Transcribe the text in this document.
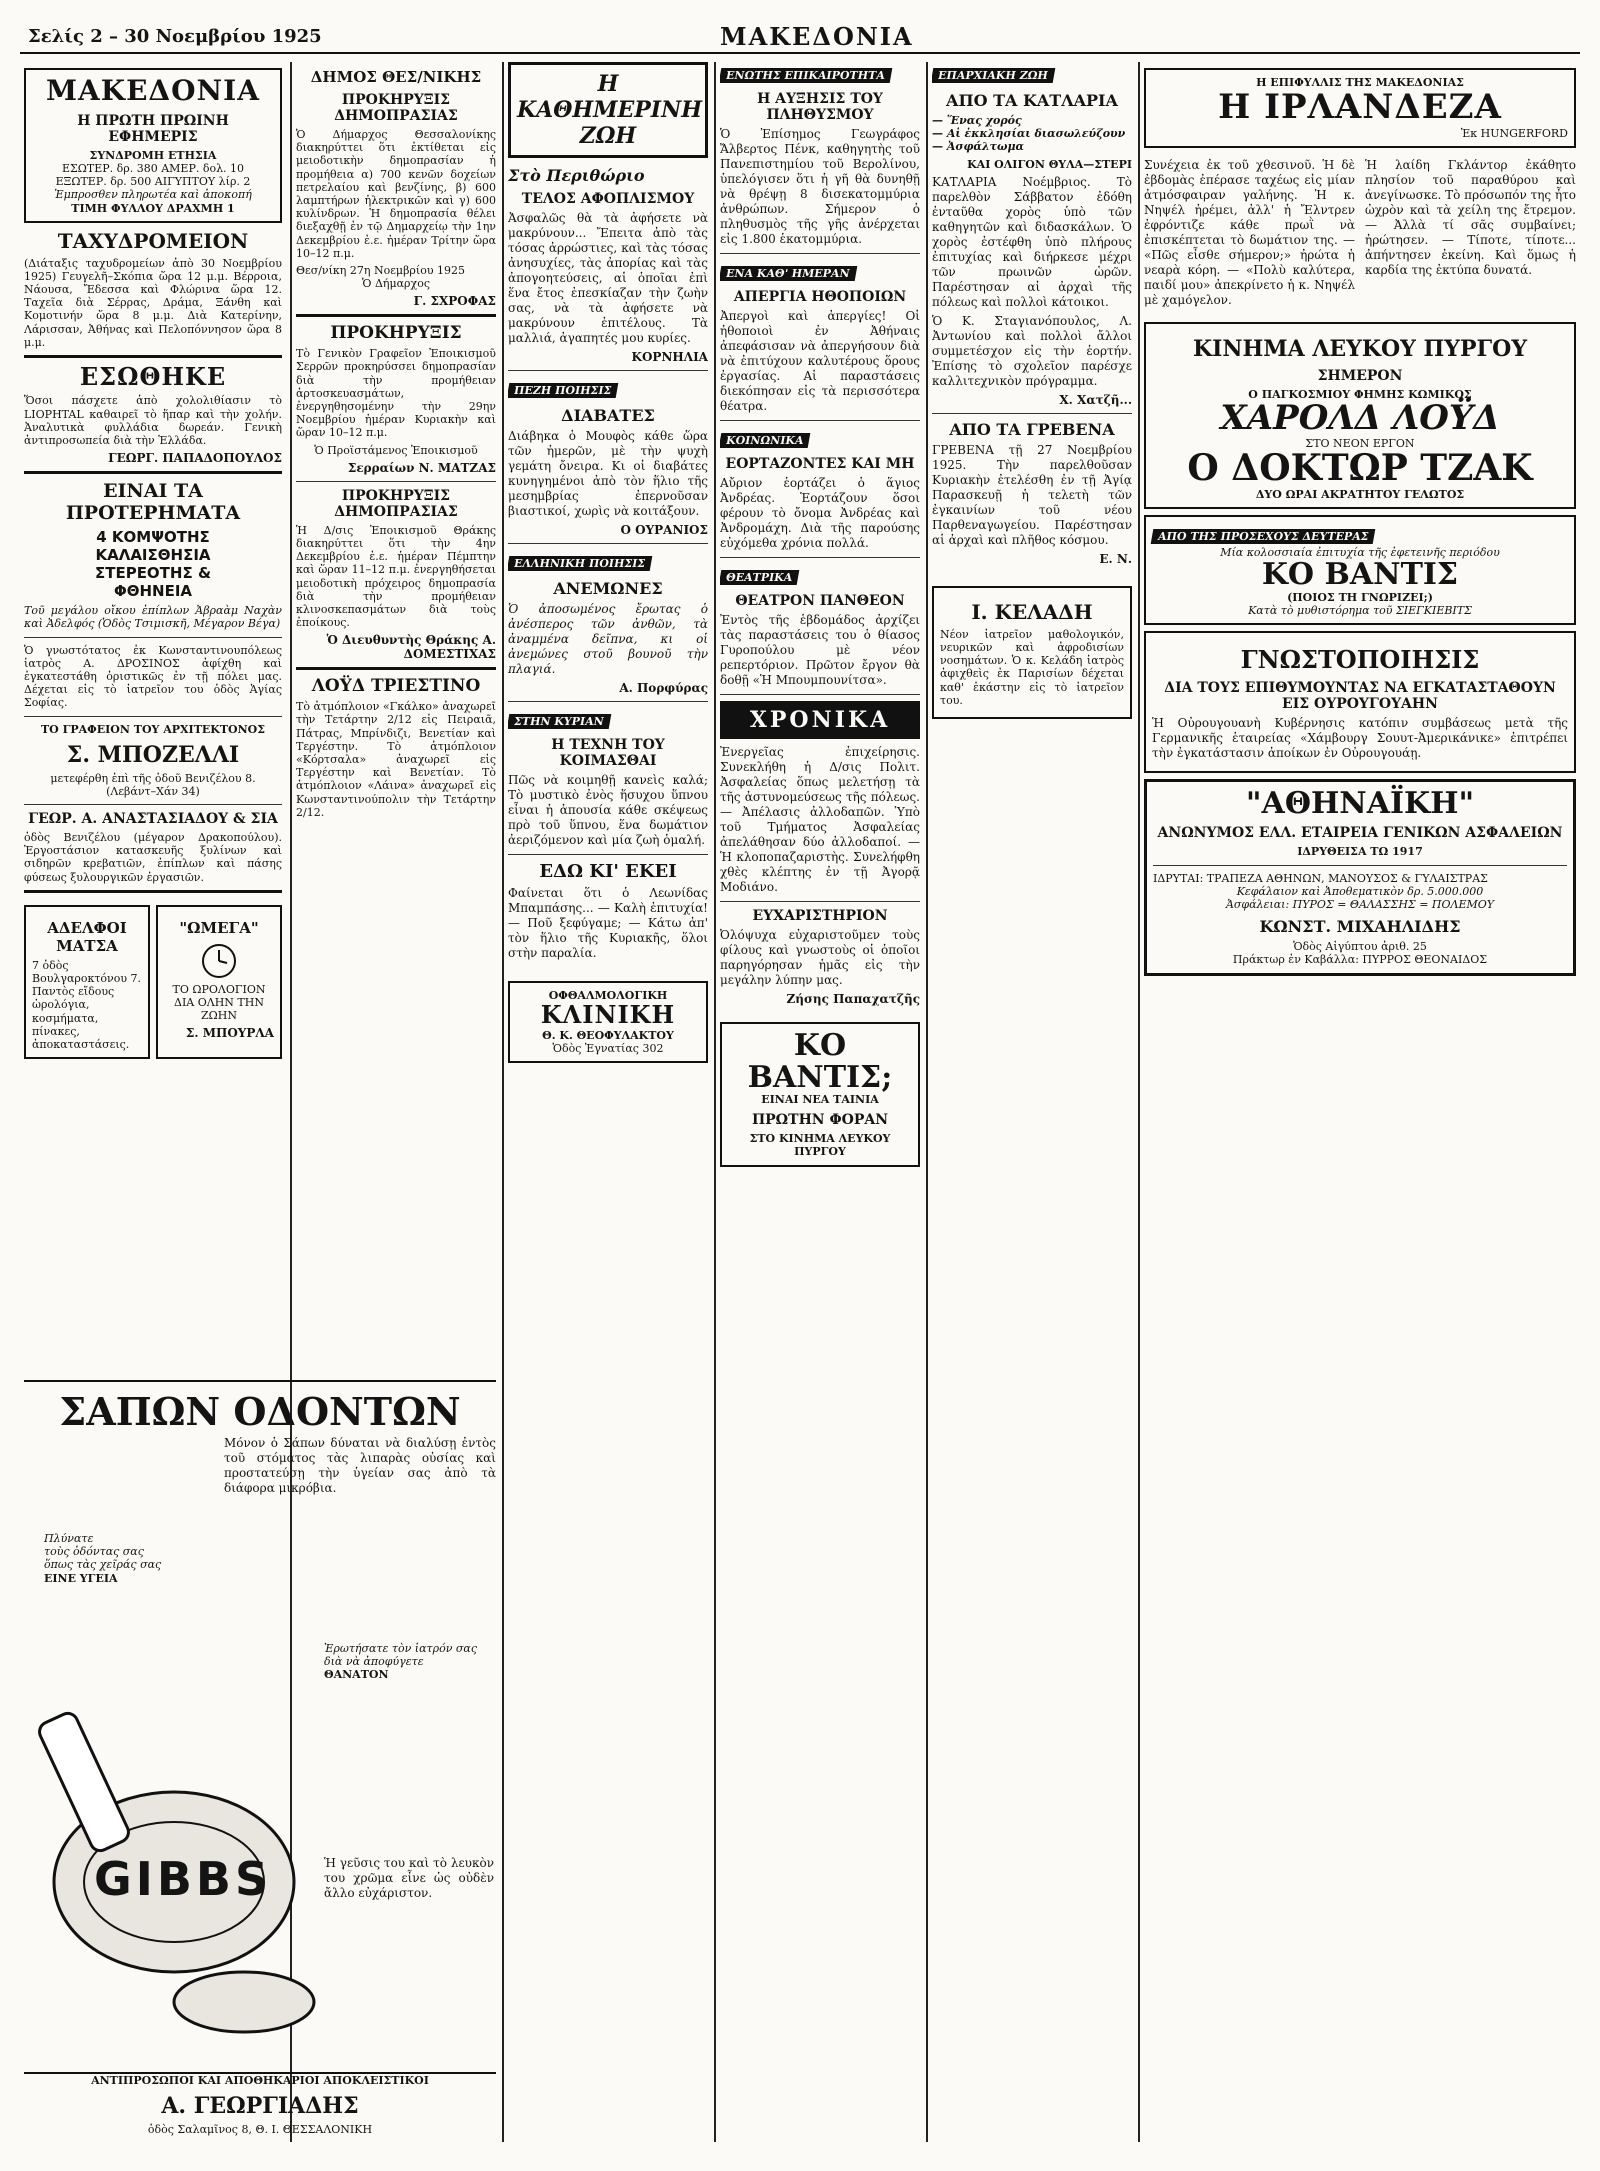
Σελίς 2 – 30 Νοεμβρίου 1925	ΜΑΚΕΔΟΝΙΑ
ΜΑΚΕΔΟΝΙΑ
Η ΠΡΩΤΗ ΠΡΩΙΝΗ ΕΦΗΜΕΡΙΣ
ΣΥΝΔΡΟΜΗ ΕΤΗΣΙΑ
ΕΣΩΤΕΡ. δρ. 380 ΑΜΕΡ. δολ. 10
ΕΞΩΤΕΡ. δρ. 500 ΑΙΓΥΠΤΟΥ λίρ. 2
Ἐμπροσθεν πληρωτέα καὶ ἀποκοπή
ΤΙΜΗ ΦΥΛΛΟΥ ΔΡΑΧΜΗ 1
ΤΑΧΥΔΡΟΜΕΙΟΝ
(Διάταξις ταχυδρομείων ἀπὸ 30 Νοεμβρίου 1925) Γευγελῆ–Σκόπια ὥρα 12 μ.μ. Βέρροια, Νάουσα, Ἔδεσσα καὶ Φλώρινα ὥρα 12. Ταχεῖα διὰ Σέρρας, Δράμα, Ξάνθη καὶ Κομοτινήν ὥρα 8 μ.μ. Διὰ Κατερίνην, Λάρισσαν, Ἀθήνας καὶ Πελοπόννησον ὥρα 8 μ.μ.
ΕΣΩΘΗΚΕ
Ὅσοι πάσχετε ἀπὸ χολολιθίασιν τὸ LIOPHTAL καθαιρεῖ τὸ ἥπαρ καὶ τὴν χολήν. Ἀναλυτικὰ φυλλάδια δωρεάν. Γενικὴ ἀντιπροσωπεία διὰ τὴν Ἑλλάδα.
ΓΕΩΡΓ. ΠΑΠΑΔΟΠΟΥΛΟΣ
ΕΙΝΑΙ ΤΑ ΠΡΟΤΕΡΗΜΑΤΑ
4 ΚΟΜΨΟΤΗΣ
ΚΑΛΑΙΣΘΗΣΙΑ
ΣΤΕΡΕΟΤΗΣ &
ΦΘΗΝΕΙΑ
Τοῦ μεγάλου οἴκου ἐπίπλων Ἀβραὰμ Ναχὰν καὶ Ἀδελφός (Ὁδὸς Τσιμισκῆ, Μέγαρον Βέγα)
Ὁ γνωστότατος ἐκ Κωνσταντινουπόλεως ἰατρὸς Α. ΔΡΟΣΙΝΟΣ ἀφίχθη καὶ ἐγκατεστάθη ὁριστικῶς ἐν τῇ πόλει μας. Δέχεται εἰς τὸ ἰατρεῖον του ὁδὸς Ἁγίας Σοφίας.
ΤΟ ΓΡΑΦΕΙΟΝ ΤΟΥ ΑΡΧΙΤΕΚΤΟΝΟΣ
Σ. ΜΠΟΖΕΛΛΙ
μετεφέρθη ἐπὶ τῆς ὁδοῦ Βενιζέλου 8. (Λεβάντ–Χάν 34)
ΓΕΩΡ. Α. ΑΝΑΣΤΑΣΙΑΔΟΥ & ΣΙΑ
ὁδὸς Βενιζέλου (μέγαρον Δρακοπούλου). Ἐργοστάσιον κατασκευῆς ξυλίνων καὶ σιδηρῶν κρεβατιῶν, ἐπίπλων καὶ πάσης φύσεως ξυλουργικῶν ἐργασιῶν.
ΑΔΕΛΦΟΙ ΜΑΤΣΑ
7 ὁδὸς Βουλγαροκτόνου 7. Παντὸς εἴδους ὡρολόγια, κοσμήματα, πίνακες, ἀποκαταστάσεις.
"ΩΜΕΓΑ"
ΤΟ ΩΡΟΛΟΓΙΟΝ ΔΙΑ ΟΛΗΝ ΤΗΝ ΖΩΗΝ
Σ. ΜΠΟΥΡΛΑ
ΔΗΜΟΣ ΘΕΣ/ΝΙΚΗΣ
ΠΡΟΚΗΡΥΞΙΣ ΔΗΜΟΠΡΑΣΙΑΣ
Ὁ Δήμαρχος Θεσσαλονίκης διακηρύττει ὅτι ἐκτίθεται εἰς μειοδοτικὴν δημοπρασίαν ἡ προμήθεια α) 700 κενῶν δοχείων πετρελαίου καὶ βενζίνης, β) 600 λαμπτήρων ἠλεκτρικῶν καὶ γ) 600 κυλίνδρων. Ἡ δημοπρασία θέλει διεξαχθῇ ἐν τῷ Δημαρχείῳ τὴν 1ην Δεκεμβρίου ἐ.ε. ἡμέραν Τρίτην ὥρα 10–12 π.μ.
Θεσ/νίκη 27η Νοεμβρίου 1925
Ὁ Δήμαρχος
Γ. ΣΧΡΟΦΑΣ
ΠΡΟΚΗΡΥΞΙΣ
Τὸ Γενικὸν Γραφεῖον Ἐποικισμοῦ Σερρῶν προκηρύσσει δημοπρασίαν διὰ τὴν προμήθειαν ἀρτοσκευασμάτων, ἐνεργηθησομένην τὴν 29ην Νοεμβρίου ἡμέραν Κυριακὴν καὶ ὥραν 10–12 π.μ.
Ὁ Προϊστάμενος Ἐποικισμοῦ
Σερραίων Ν. ΜΑΤΖΑΣ
ΠΡΟΚΗΡΥΞΙΣ ΔΗΜΟΠΡΑΣΙΑΣ
Ἡ Δ/σις Ἐποικισμοῦ Θράκης διακηρύττει ὅτι τὴν 4ην Δεκεμβρίου ἐ.ε. ἡμέραν Πέμπτην καὶ ὥραν 11–12 π.μ. ἐνεργηθήσεται μειοδοτικὴ πρόχειρος δημοπρασία διὰ τὴν προμήθειαν κλινοσκεπασμάτων διὰ τοὺς ἐποίκους.
Ὁ Διευθυντὴς Θράκης Α. ΔΟΜΕΣΤΙΧΑΣ
ΛΟΫΔ ΤΡΙΕΣΤΙΝΟ
Τὸ ἀτμόπλοιον «Γκάλκο» ἀναχωρεῖ τὴν Τετάρτην 2/12 εἰς Πειραιᾶ, Πάτρας, Μπρίνδιζι, Βενετίαν καὶ Τεργέστην. Τὸ ἀτμόπλοιον «Κόρτσαλα» ἀναχωρεῖ εἰς Τεργέστην καὶ Βενετίαν. Τὸ ἀτμόπλοιον «Λάινα» ἀναχωρεῖ εἰς Κωνσταντινούπολιν τὴν Τετάρτην 2/12.
Η ΚΑΘΗΜΕΡΙΝΗ ΖΩΗ
Στὸ Περιθώριο
ΤΕΛΟΣ ΑΦΟΠΛΙΣΜΟΥ
Ἀσφαλῶς θὰ τὰ ἀφήσετε νὰ μακρύνουν... Ἔπειτα ἀπὸ τὰς τόσας ἀρρώστιες, καὶ τὰς τόσας ἀνησυχίες, τὰς ἀπορίας καὶ τὰς ἀπογοητεύσεις, αἱ ὁποῖαι ἐπὶ ἕνα ἔτος ἐπεσκίαζαν τὴν ζωὴν σας, νὰ τὰ ἀφήσετε νὰ μακρύνουν ἐπιτέλους. Τὰ μαλλιά, ἀγαπητές μου κυρίες.
ΚΟΡΝΗΛΙΑ
ΠΕΖΗ ΠΟΙΗΣΙΣ
ΔΙΑΒΑΤΕΣ
Διάβηκα ὁ Μουφὸς κάθε ὥρα τῶν ἡμερῶν, μὲ τὴν ψυχὴ γεμάτη ὄνειρα. Κι οἱ διαβάτες κυνηγημένοι ἀπὸ τὸν ἥλιο τῆς μεσημβρίας ἐπερνοῦσαν βιαστικοί, χωρὶς νὰ κοιτάξουν.
Ο ΟΥΡΑΝΙΟΣ
ΕΛΛΗΝΙΚΗ ΠΟΙΗΣΙΣ
ΑΝΕΜΩΝΕΣ
Ὁ ἀποσωμένος ἔρωτας ὁ ἀνέσπερος τῶν ἀνθῶν, τὰ ἀναμμένα δεῖπνα, κι οἱ ἀνεμώνες στοῦ βουνοῦ τὴν πλαγιά.
Α. Πορφύρας
ΣΤΗΝ ΚΥΡΙΑΝ
Η ΤΕΧΝΗ ΤΟΥ ΚΟΙΜΑΣΘΑΙ
Πῶς νὰ κοιμηθῇ κανεὶς καλά; Τὸ μυστικὸ ἐνὸς ἥσυχου ὕπνου εἶναι ἡ ἀπουσία κάθε σκέψεως πρὸ τοῦ ὕπνου, ἕνα δωμάτιον ἀεριζόμενον καὶ μία ζωὴ ὁμαλή.
ΕΔΩ ΚΙ' ΕΚΕΙ
Φαίνεται ὅτι ὁ Λεωνίδας Μπαμπάσης... — Καλὴ ἐπιτυχία! — Ποῦ ξεφύγαμε; — Κάτω ἀπ' τὸν ἥλιο τῆς Κυριακῆς, ὅλοι στὴν παραλία.
ΟΦΘΑΛΜΟΛΟΓΙΚΗ
ΚΛΙΝΙΚΗ
Θ. Κ. ΘΕΟΦΥΛΑΚΤΟΥ
Ὁδὸς Ἐγνατίας 302
ΕΝΩΤΗΣ ΕΠΙΚΑΙΡΟΤΗΤΑ
Η ΑΥΞΗΣΙΣ ΤΟΥ ΠΛΗΘΥΣΜΟΥ
Ὁ Ἐπίσημος Γεωγράφος Ἄλβερτος Πένκ, καθηγητὴς τοῦ Πανεπιστημίου τοῦ Βερολίνου, ὑπελόγισεν ὅτι ἡ γῆ θὰ δυνηθῇ νὰ θρέψῃ 8 δισεκατομμύρια ἀνθρώπων. Σήμερον ὁ πληθυσμὸς τῆς γῆς ἀνέρχεται εἰς 1.800 ἑκατομμύρια.
ΕΝΑ ΚΑΘ' ΗΜΕΡΑΝ
ΑΠΕΡΓΙΑ ΗΘΟΠΟΙΩΝ
Ἀπεργοὶ καὶ ἀπεργίες! Οἱ ἠθοποιοὶ ἐν Ἀθήναις ἀπεφάσισαν νὰ ἀπεργήσουν διὰ νὰ ἐπιτύχουν καλυτέρους ὅρους ἐργασίας. Αἱ παραστάσεις διεκόπησαν εἰς τὰ περισσότερα θέατρα.
ΚΟΙΝΩΝΙΚΑ
ΕΟΡΤΑΖΟΝΤΕΣ ΚΑΙ ΜΗ
Αὔριον ἑορτάζει ὁ ἅγιος Ἀνδρέας. Ἑορτάζουν ὅσοι φέρουν τὸ ὄνομα Ἀνδρέας καὶ Ἀνδρομάχη. Διὰ τῆς παρούσης εὐχόμεθα χρόνια πολλά.
ΘΕΑΤΡΙΚΑ
ΘΕΑΤΡΟΝ ΠΑΝΘΕΟΝ
Ἐντὸς τῆς ἑβδομάδος ἀρχίζει τὰς παραστάσεις του ὁ θίασος Γυροπούλου μὲ νέον ρεπερτόριον. Πρῶτον ἔργον θὰ δοθῇ «Ἡ Μπουμπουνίτσα».
ΧΡΟΝΙΚΑ
Ἐνεργεῖας ἐπιχείρησις. Συνεκλήθη ἡ Δ/σις Πολιτ. Ἀσφαλείας ὅπως μελετήσῃ τὰ τῆς ἀστυνομεύσεως τῆς πόλεως. — Ἀπέλασις ἀλλοδαπῶν. Ὑπὸ τοῦ Τμήματος Ἀσφαλείας ἀπελάθησαν δύο ἀλλοδαποί. — Ἡ κλοποπαζαριστὴς. Συνελήφθη χθὲς κλέπτης ἐν τῇ Ἀγορᾷ Μοδιάνο.
ΕΥΧΑΡΙΣΤΗΡΙΟΝ
Ὀλόψυχα εὐχαριστοῦμεν τοὺς φίλους καὶ γνωστοὺς οἱ ὁποῖοι παρηγόρησαν ἡμᾶς εἰς τὴν μεγάλην λύπην μας.
Ζήσης Παπαχατζῆς
ΚΟ ΒΑΝΤΙΣ;
ΕΙΝΑΙ ΝΕΑ ΤΑΙΝΙΑ
ΠΡΩΤΗΝ ΦΟΡΑΝ
ΣΤΟ ΚΙΝΗΜΑ ΛΕΥΚΟΥ ΠΥΡΓΟΥ
ΕΠΑΡΧΙΑΚΗ ΖΩΗ
ΑΠΟ ΤΑ ΚΑΤΛΑΡΙΑ
— Ἕνας χορός
— Αἱ ἐκκλησίαι διασωλεύζουν
— Ἀσφάλτωμα
ΚΑΙ ΟΛΙΓΟΝ ΘΥΛΑ—ΣΤΕΡΙ
ΚΑΤΛΑΡΙΑ Νοέμβριος. Τὸ παρελθὸν Σάββατον ἐδόθη ἐνταῦθα χορὸς ὑπὸ τῶν καθηγητῶν καὶ διδασκάλων. Ὁ χορὸς ἐστέφθη ὑπὸ πλήρους ἐπιτυχίας καὶ διήρκεσε μέχρι τῶν πρωινῶν ὡρῶν. Παρέστησαν αἱ ἀρχαὶ τῆς πόλεως καὶ πολλοὶ κάτοικοι.
Ὁ Κ. Σταγιανόπουλος, Λ. Ἀντωνίου καὶ πολλοὶ ἄλλοι συμμετέσχον εἰς τὴν ἑορτήν. Ἐπίσης τὸ σχολεῖον παρέσχε καλλιτεχνικὸν πρόγραμμα.
Χ. Χατζῆ...
ΑΠΟ ΤΑ ΓΡΕΒΕΝΑ
ΓΡΕΒΕΝΑ τῇ 27 Νοεμβρίου 1925. Τὴν παρελθοῦσαν Κυριακὴν ἐτελέσθη ἐν τῇ Ἀγίᾳ Παρασκευῇ ἡ τελετὴ τῶν ἐγκαινίων τοῦ νέου Παρθεναγωγείου. Παρέστησαν αἱ ἀρχαὶ καὶ πλῆθος κόσμου.
Ε. Ν.
Ι. ΚΕΛΑΔΗ
Νέον ἰατρεῖον μαθολογικόν, νευρικῶν καὶ ἀφροδισίων νοσημάτων. Ὁ κ. Κελάδη ἰατρὸς ἀφιχθεὶς ἐκ Παρισίων δέχεται καθ' ἑκάστην εἰς τὸ ἰατρεῖον του.
Η ΕΠΙΦΥΛΛΙΣ ΤΗΣ ΜΑΚΕΔΟΝΙΑΣ
Η ΙΡΛΑΝΔΕΖΑ
Ἐκ HUNGERFORD
Συνέχεια ἐκ τοῦ χθεσινοῦ. Ἡ δὲ ἐβδομὰς ἐπέρασε ταχέως εἰς μίαν ἀτμόσφαιραν γαλήνης. Ἡ κ. Νηψέλ ἠρέμει, ἀλλ' ἡ Ἔλντρεν ἐφρόντιζε κάθε πρωῒ νὰ ἐπισκέπτεται τὸ δωμάτιον της. — «Πῶς εἶσθε σήμερον;» ἠρώτα ἡ νεαρὰ κόρη. — «Πολὺ καλύτερα, παιδί μου» ἀπεκρίνετο ἡ κ. Νηψέλ μὲ χαμόγελον.
Ἡ λαίδη Γκλάντορ ἐκάθητο πλησίον τοῦ παραθύρου καὶ ἀνεγίνωσκε. Τὸ πρόσωπόν της ἦτο ὠχρὸν καὶ τὰ χείλη της ἔτρεμον. — Ἀλλὰ τί σᾶς συμβαίνει; ἠρώτησεν. — Τίποτε, τίποτε... ἀπήντησεν ἐκείνη. Καὶ ὅμως ἡ καρδία της ἐκτύπα δυνατά.
ΚΙΝΗΜΑ ΛΕΥΚΟΥ ΠΥΡΓΟΥ
ΣΗΜΕΡΟΝ
Ο ΠΑΓΚΟΣΜΙΟΥ ΦΗΜΗΣ ΚΩΜΙΚΟΣ
ΧΑΡΟΛΔ ΛΟΫΔ
ΣΤΟ ΝΕΟΝ ΕΡΓΟΝ
Ο ΔΟΚΤΩΡ ΤΖΑΚ
ΔΥΟ ΩΡΑΙ ΑΚΡΑΤΗΤΟΥ ΓΕΛΩΤΟΣ
ΑΠΟ ΤΗΣ ΠΡΟΣΕΧΟΥΣ ΔΕΥΤΕΡΑΣ
Μία κολοσσιαία ἐπιτυχία τῆς ἐφετεινῆς περιόδου
ΚΟ ΒΑΝΤΙΣ
(ΠΟΙΟΣ ΤΗ ΓΝΩΡΙΖΕΙ;)
Κατὰ τὸ μυθιστόρημα τοῦ ΣΙΕΓΚΙΕΒΙΤΣ
ΓΝΩΣΤΟΠΟΙΗΣΙΣ
ΔΙΑ ΤΟΥΣ ΕΠΙΘΥΜΟΥΝΤΑΣ ΝΑ ΕΓΚΑΤΑΣΤΑΘΟΥΝ ΕΙΣ ΟΥΡΟΥΓΟΥΑΗΝ
Ἡ Οὐρουγουανὴ Κυβέρνησις κατόπιν συμβάσεως μετὰ τῆς Γερμανικῆς ἑταιρείας «Χάμβουργ Σουυτ-Ἀμερικάνικε» ἐπιτρέπει τὴν ἐγκατάστασιν ἀποίκων ἐν Οὐρουγουάῃ.
"ΑΘΗΝΑΪΚΗ"
ΑΝΩΝΥΜΟΣ ΕΛΛ. ΕΤΑΙΡΕΙΑ ΓΕΝΙΚΩΝ ΑΣΦΑΛΕΙΩΝ
ΙΔΡΥΘΕΙΣΑ ΤΩ 1917
ΙΔΡΥΤΑΙ: ΤΡΑΠΕΖΑ ΑΘΗΝΩΝ, ΜΑΝΟΥΣΟΣ & ΓΥΛΑΙΣΤΡΑΣ
Κεφάλαιον καὶ Ἀποθεματικὸν δρ. 5.000.000
Ἀσφάλειαι: ΠΥΡΟΣ = ΘΑΛΑΣΣΗΣ = ΠΟΛΕΜΟΥ
ΚΩΝΣΤ. ΜΙΧΑΗΛΙΔΗΣ
Ὁδὸς Αἰγύπτου ἀριθ. 25
Πράκτωρ ἐν Καβάλλα: ΠΥΡΡΟΣ ΘΕΟΝΑΙΔΟΣ
ΣΑΠΩΝ ΟΔΟΝΤΩΝ
Μόνον ὁ Σάπων δύναται νὰ διαλύσῃ ἐντὸς τοῦ στόματος τὰς λιπαρὰς οὐσίας καὶ προστατεύσῃ τὴν ὑγείαν σας ἀπὸ τὰ διάφορα μικρόβια.
Πλύνατε
τοὺς ὀδόντας σας
ὅπως τὰς χεῖράς σας
ΕΙΝΕ ΥΓΕΙΑ
Ἐρωτήσατε τὸν ἰατρόν σας
διὰ νὰ ἀποφύγετε
ΘΑΝΑΤΟΝ
GIBBS	Ἡ γεῦσις του καὶ τὸ λευκὸν του χρῶμα εἶνε ὡς οὐδὲν ἄλλο εὐχάριστον.
ΑΝΤΙΠΡΟΣΩΠΟΙ ΚΑΙ ΑΠΟΘΗΚΑΡΙΟΙ ΑΠΟΚΛΕΙΣΤΙΚΟΙ
Α. ΓΕΩΡΓΙΑΔΗΣ
ὁδὸς Σαλαμῖνος 8, Θ. Ι. ΘΕΣΣΑΛΟΝΙΚΗ
